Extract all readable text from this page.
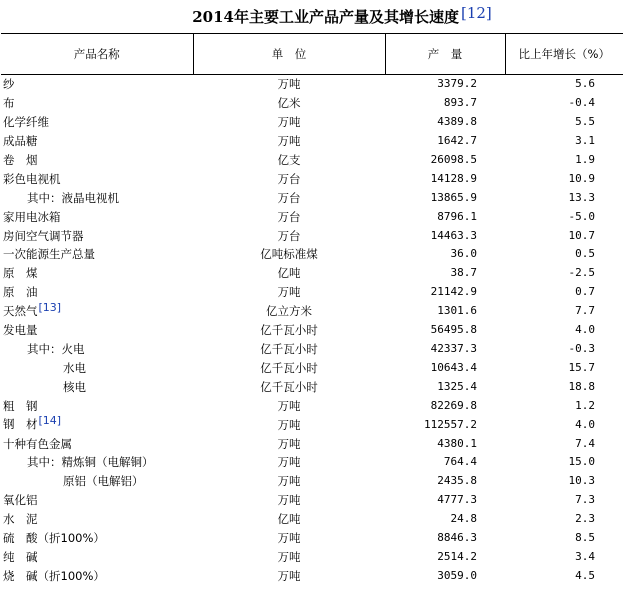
2014年主要工业产品产量及其增长速度 [12]
产品名称	单　位	产　量	比上年增长（%）
纱	万吨	3379.2	5.6
布	亿米	893.7	-0.4
化学纤维	万吨	4389.8	5.5
成品糖	万吨	1642.7	3.1
卷　烟	亿支	26098.5	1.9
彩色电视机	万台	14128.9	10.9
其中：液晶电视机	万台	13865.9	13.3
家用电冰箱	万台	8796.1	-5.0
房间空气调节器	万台	14463.3	10.7
一次能源生产总量	亿吨标准煤	36.0	0.5
原　煤	亿吨	38.7	-2.5
原　油	万吨	21142.9	0.7
天然气[13]	亿立方米	1301.6	7.7
发电量	亿千瓦小时	56495.8	4.0
其中：火电	亿千瓦小时	42337.3	-0.3
水电	亿千瓦小时	10643.4	15.7
核电	亿千瓦小时	1325.4	18.8
粗　钢	万吨	82269.8	1.2
钢　材[14]	万吨	112557.2	4.0
十种有色金属	万吨	4380.1	7.4
其中：精炼铜（电解铜）	万吨	764.4	15.0
原铝（电解铝）	万吨	2435.8	10.3
氧化铝	万吨	4777.3	7.3
水　泥	亿吨	24.8	2.3
硫　酸（折100%）	万吨	8846.3	8.5
纯　碱	万吨	2514.2	3.4
烧　碱（折100%）	万吨	3059.0	4.5
